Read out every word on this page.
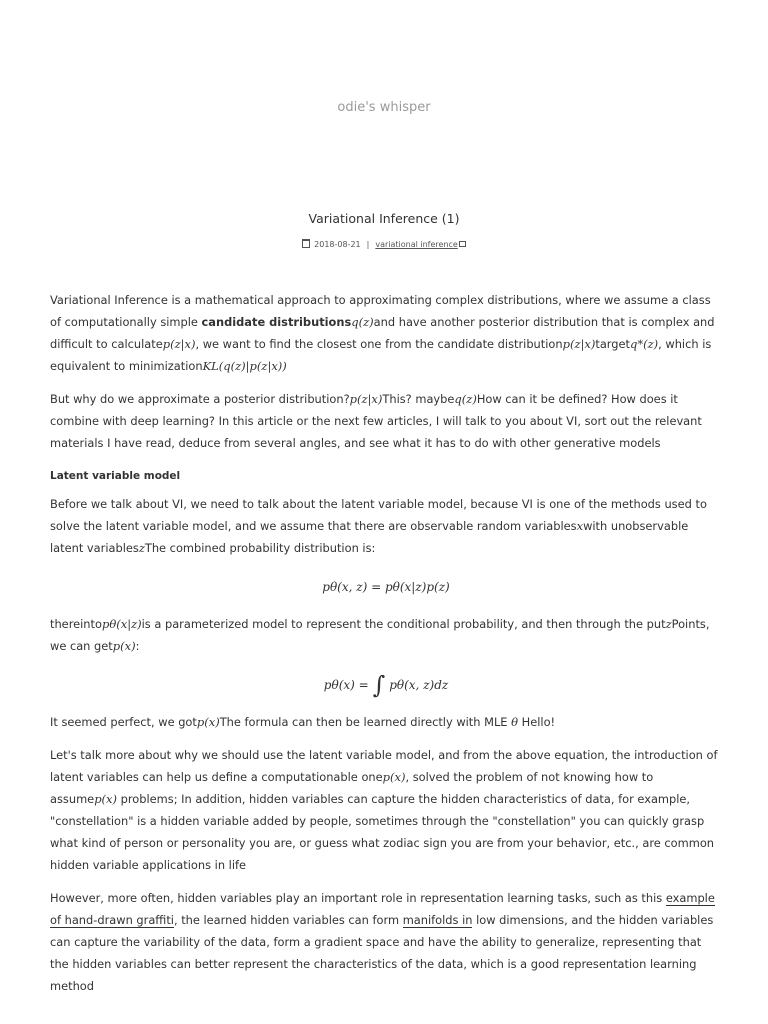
odie's whisper
Variational Inference (1)
2018-08-21 | variational inference

Variational Inference is a mathematical approach to approximating complex distributions, where we assume a class of computationally simple candidate distributionsq(z)and have another posterior distribution that is complex and difficult to calculatep(z|x), we want to find the closest one from the candidate distributionp(z|x)targetq*(z), which is equivalent to minimizationKL(q(z)|p(z|x))

But why do we approximate a posterior distribution?p(z|x)This? maybeq(z)How can it be defined? How does it combine with deep learning? In this article or the next few articles, I will talk to you about VI, sort out the relevant materials I have read, deduce from several angles, and see what it has to do with other generative models

Latent variable model

Before we talk about VI, we need to talk about the latent variable model, because VI is one of the methods used to solve the latent variable model, and we assume that there are observable random variablesxwith unobservable latent variableszThe combined probability distribution is:

pθ(x, z) = pθ(x|z)p(z)

thereintopθ(x|z)is a parameterized model to represent the conditional probability, and then through the putzPoints, we can getp(x):

pθ(x) = ∫ pθ(x, z)dz

It seemed perfect, we gotp(x)The formula can then be learned directly with MLE θ Hello!

Let's talk more about why we should use the latent variable model, and from the above equation, the introduction of latent variables can help us define a computationable onep(x), solved the problem of not knowing how to assumep(x) problems; In addition, hidden variables can capture the hidden characteristics of data, for example, "constellation" is a hidden variable added by people, sometimes through the "constellation" you can quickly grasp what kind of person or personality you are, or guess what zodiac sign you are from your behavior, etc., are common hidden variable applications in life

However, more often, hidden variables play an important role in representation learning tasks, such as this example of hand-drawn graffiti, the learned hidden variables can form manifolds in low dimensions, and the hidden variables can capture the variability of the data, form a gradient space and have the ability to generalize, representing that the hidden variables can better represent the characteristics of the data, which is a good representation learning method
